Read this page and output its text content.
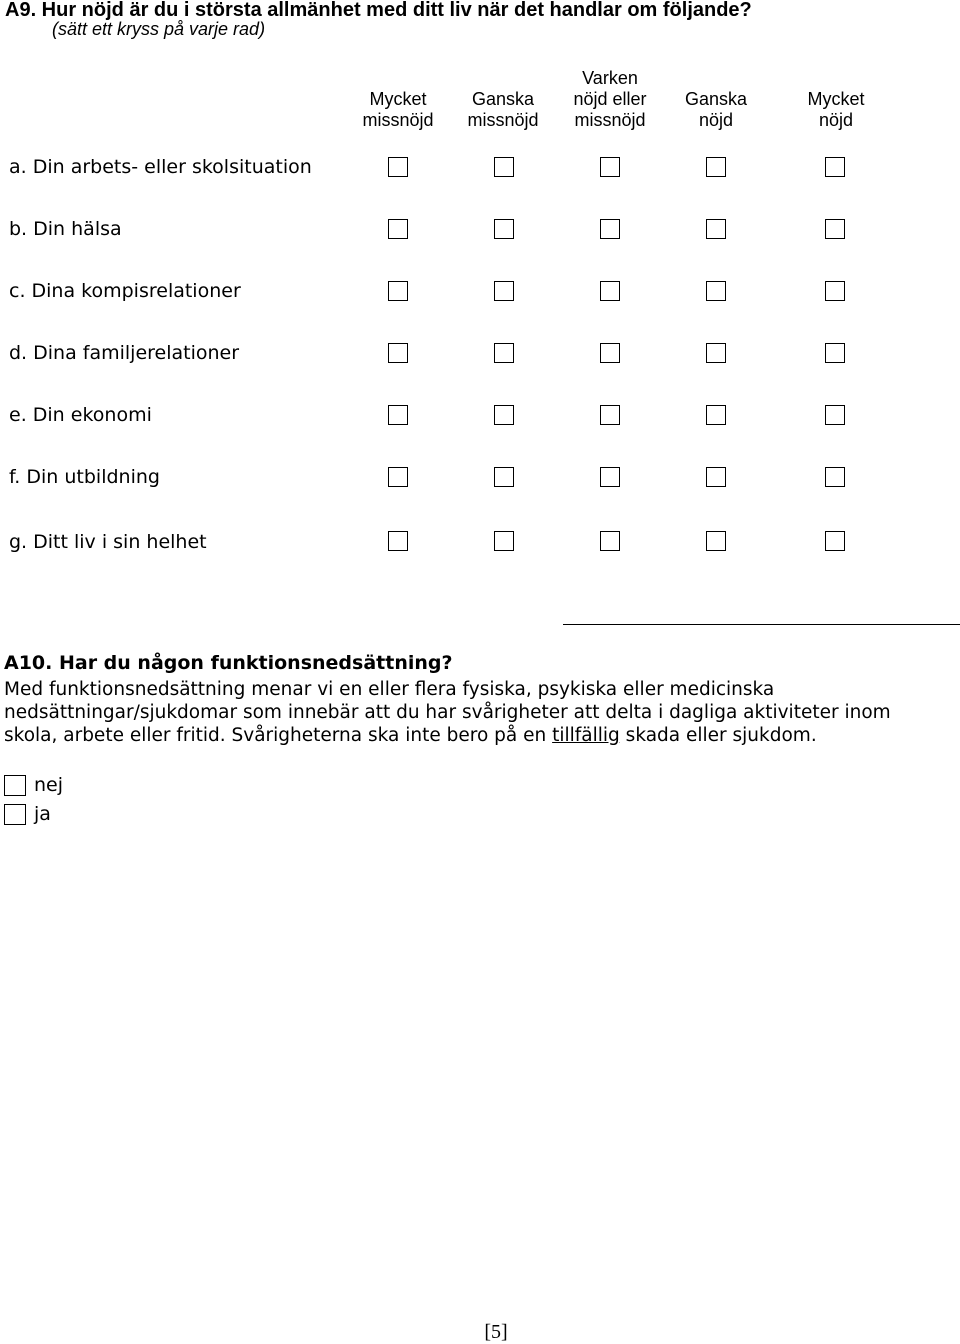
A9. Hur nöjd är du i största allmänhet med ditt liv när det handlar om följande?
(sätt ett kryss på varje rad)

Mycket
missnöjd

Ganska
missnöjd
Varken
nöjd eller
missnöjd

Ganska
nöjd

Mycket
nöjd
a. Din arbets- eller skolsituation
b. Din hälsa
c. Dina kompisrelationer
d. Dina familjerelationer
e. Din ekonomi
f. Din utbildning
g. Ditt liv i sin helhet
A10. Har du någon funktionsnedsättning?

Med funktionsnedsättning menar vi en eller flera fysiska, psykiska eller medicinska

nedsättningar/sjukdomar som innebär att du har svårigheter att delta i dagliga aktiviteter inom

skola, arbete eller fritid. Svårigheterna ska inte bero på en tillfällig skada eller sjukdom.

nej
ja
[5]
